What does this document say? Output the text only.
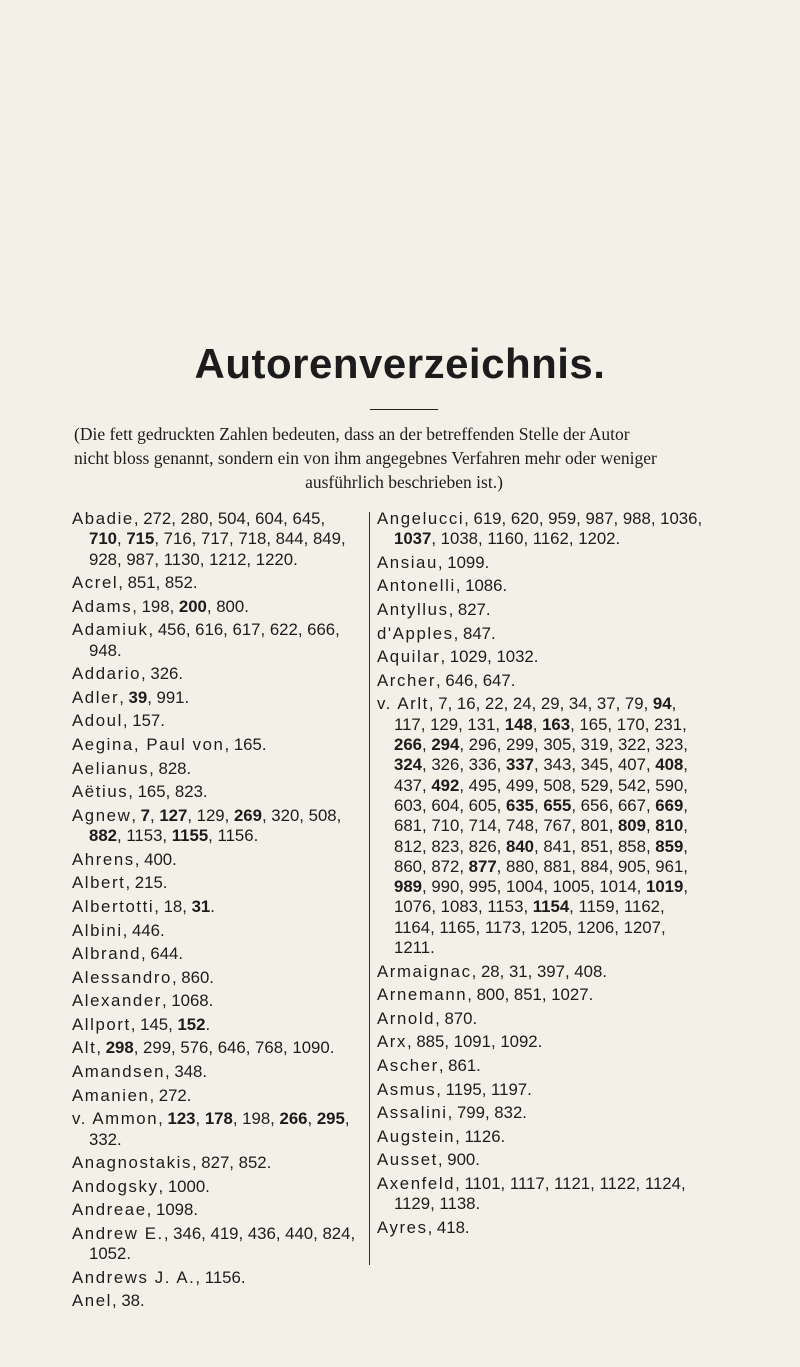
Autorenverzeichnis.
(Die fett gedruckten Zahlen bedeuten, dass an der betreffenden Stelle der Autor
nicht bloss genannt, sondern ein von ihm angegebnes Verfahren mehr oder weniger
ausführlich beschrieben ist.)
Abadie, 272, 280, 504, 604, 645, 710, 715, 716, 717, 718, 844, 849, 928, 987, 1130, 1212, 1220.
Acrel, 851, 852.
Adams, 198, 200, 800.
Adamiuk, 456, 616, 617, 622, 666, 948.
Addario, 326.
Adler, 39, 991.
Adoul, 157.
Aegina, Paul von, 165.
Aelianus, 828.
Aëtius, 165, 823.
Agnew, 7, 127, 129, 269, 320, 508, 882, 1153, 1155, 1156.
Ahrens, 400.
Albert, 215.
Albertotti, 18, 31.
Albini, 446.
Albrand, 644.
Alessandro, 860.
Alexander, 1068.
Allport, 145, 152.
Alt, 298, 299, 576, 646, 768, 1090.
Amandsen, 348.
Amanien, 272.
v. Ammon, 123, 178, 198, 266, 295, 332.
Anagnostakis, 827, 852.
Andogsky, 1000.
Andreae, 1098.
Andrew E., 346, 419, 436, 440, 824, 1052.
Andrews J. A., 1156.
Anel, 38.
Angelucci, 619, 620, 959, 987, 988, 1036, 1037, 1038, 1160, 1162, 1202.
Ansiau, 1099.
Antonelli, 1086.
Antyllus, 827.
d'Apples, 847.
Aquilar, 1029, 1032.
Archer, 646, 647.
v. Arlt, 7, 16, 22, 24, 29, 34, 37, 79, 94, 117, 129, 131, 148, 163, 165, 170, 231, 266, 294, 296, 299, 305, 319, 322, 323, 324, 326, 336, 337, 343, 345, 407, 408, 437, 492, 495, 499, 508, 529, 542, 590, 603, 604, 605, 635, 655, 656, 667, 669, 681, 710, 714, 748, 767, 801, 809, 810, 812, 823, 826, 840, 841, 851, 858, 859, 860, 872, 877, 880, 881, 884, 905, 961, 989, 990, 995, 1004, 1005, 1014, 1019, 1076, 1083, 1153, 1154, 1159, 1162, 1164, 1165, 1173, 1205, 1206, 1207, 1211.
Armaignac, 28, 31, 397, 408.
Arnemann, 800, 851, 1027.
Arnold, 870.
Arx, 885, 1091, 1092.
Ascher, 861.
Asmus, 1195, 1197.
Assalini, 799, 832.
Augstein, 1126.
Ausset, 900.
Axenfeld, 1101, 1117, 1121, 1122, 1124, 1129, 1138.
Ayres, 418.
